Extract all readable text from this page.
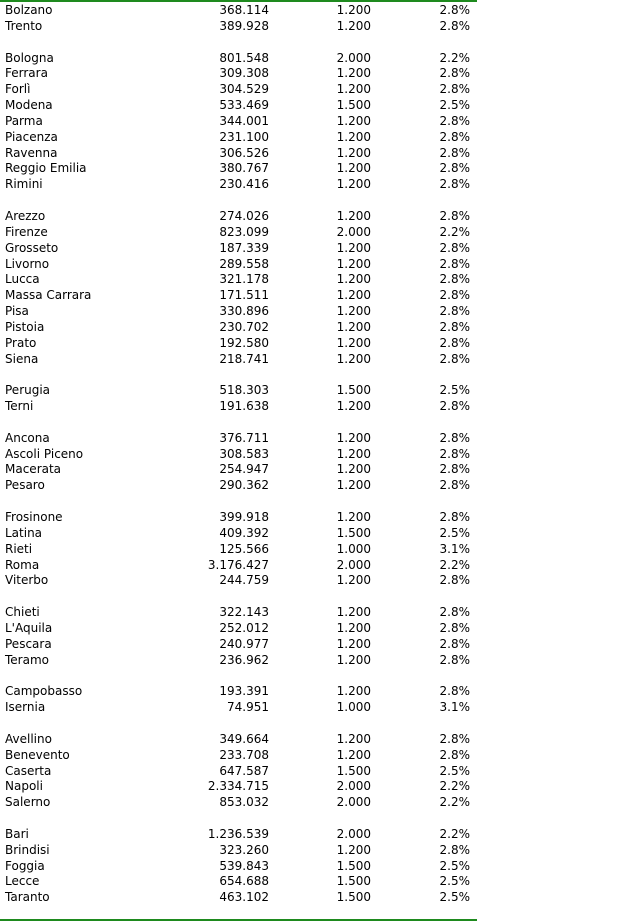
Bolzano	368.114	1.200	2.8%
Trento	389.928	1.200	2.8%
Bologna	801.548	2.000	2.2%
Ferrara	309.308	1.200	2.8%
Forlì	304.529	1.200	2.8%
Modena	533.469	1.500	2.5%
Parma	344.001	1.200	2.8%
Piacenza	231.100	1.200	2.8%
Ravenna	306.526	1.200	2.8%
Reggio Emilia	380.767	1.200	2.8%
Rimini	230.416	1.200	2.8%
Arezzo	274.026	1.200	2.8%
Firenze	823.099	2.000	2.2%
Grosseto	187.339	1.200	2.8%
Livorno	289.558	1.200	2.8%
Lucca	321.178	1.200	2.8%
Massa Carrara	171.511	1.200	2.8%
Pisa	330.896	1.200	2.8%
Pistoia	230.702	1.200	2.8%
Prato	192.580	1.200	2.8%
Siena	218.741	1.200	2.8%
Perugia	518.303	1.500	2.5%
Terni	191.638	1.200	2.8%
Ancona	376.711	1.200	2.8%
Ascoli Piceno	308.583	1.200	2.8%
Macerata	254.947	1.200	2.8%
Pesaro	290.362	1.200	2.8%
Frosinone	399.918	1.200	2.8%
Latina	409.392	1.500	2.5%
Rieti	125.566	1.000	3.1%
Roma	3.176.427	2.000	2.2%
Viterbo	244.759	1.200	2.8%
Chieti	322.143	1.200	2.8%
L'Aquila	252.012	1.200	2.8%
Pescara	240.977	1.200	2.8%
Teramo	236.962	1.200	2.8%
Campobasso	193.391	1.200	2.8%
Isernia	74.951	1.000	3.1%
Avellino	349.664	1.200	2.8%
Benevento	233.708	1.200	2.8%
Caserta	647.587	1.500	2.5%
Napoli	2.334.715	2.000	2.2%
Salerno	853.032	2.000	2.2%
Bari	1.236.539	2.000	2.2%
Brindisi	323.260	1.200	2.8%
Foggia	539.843	1.500	2.5%
Lecce	654.688	1.500	2.5%
Taranto	463.102	1.500	2.5%
